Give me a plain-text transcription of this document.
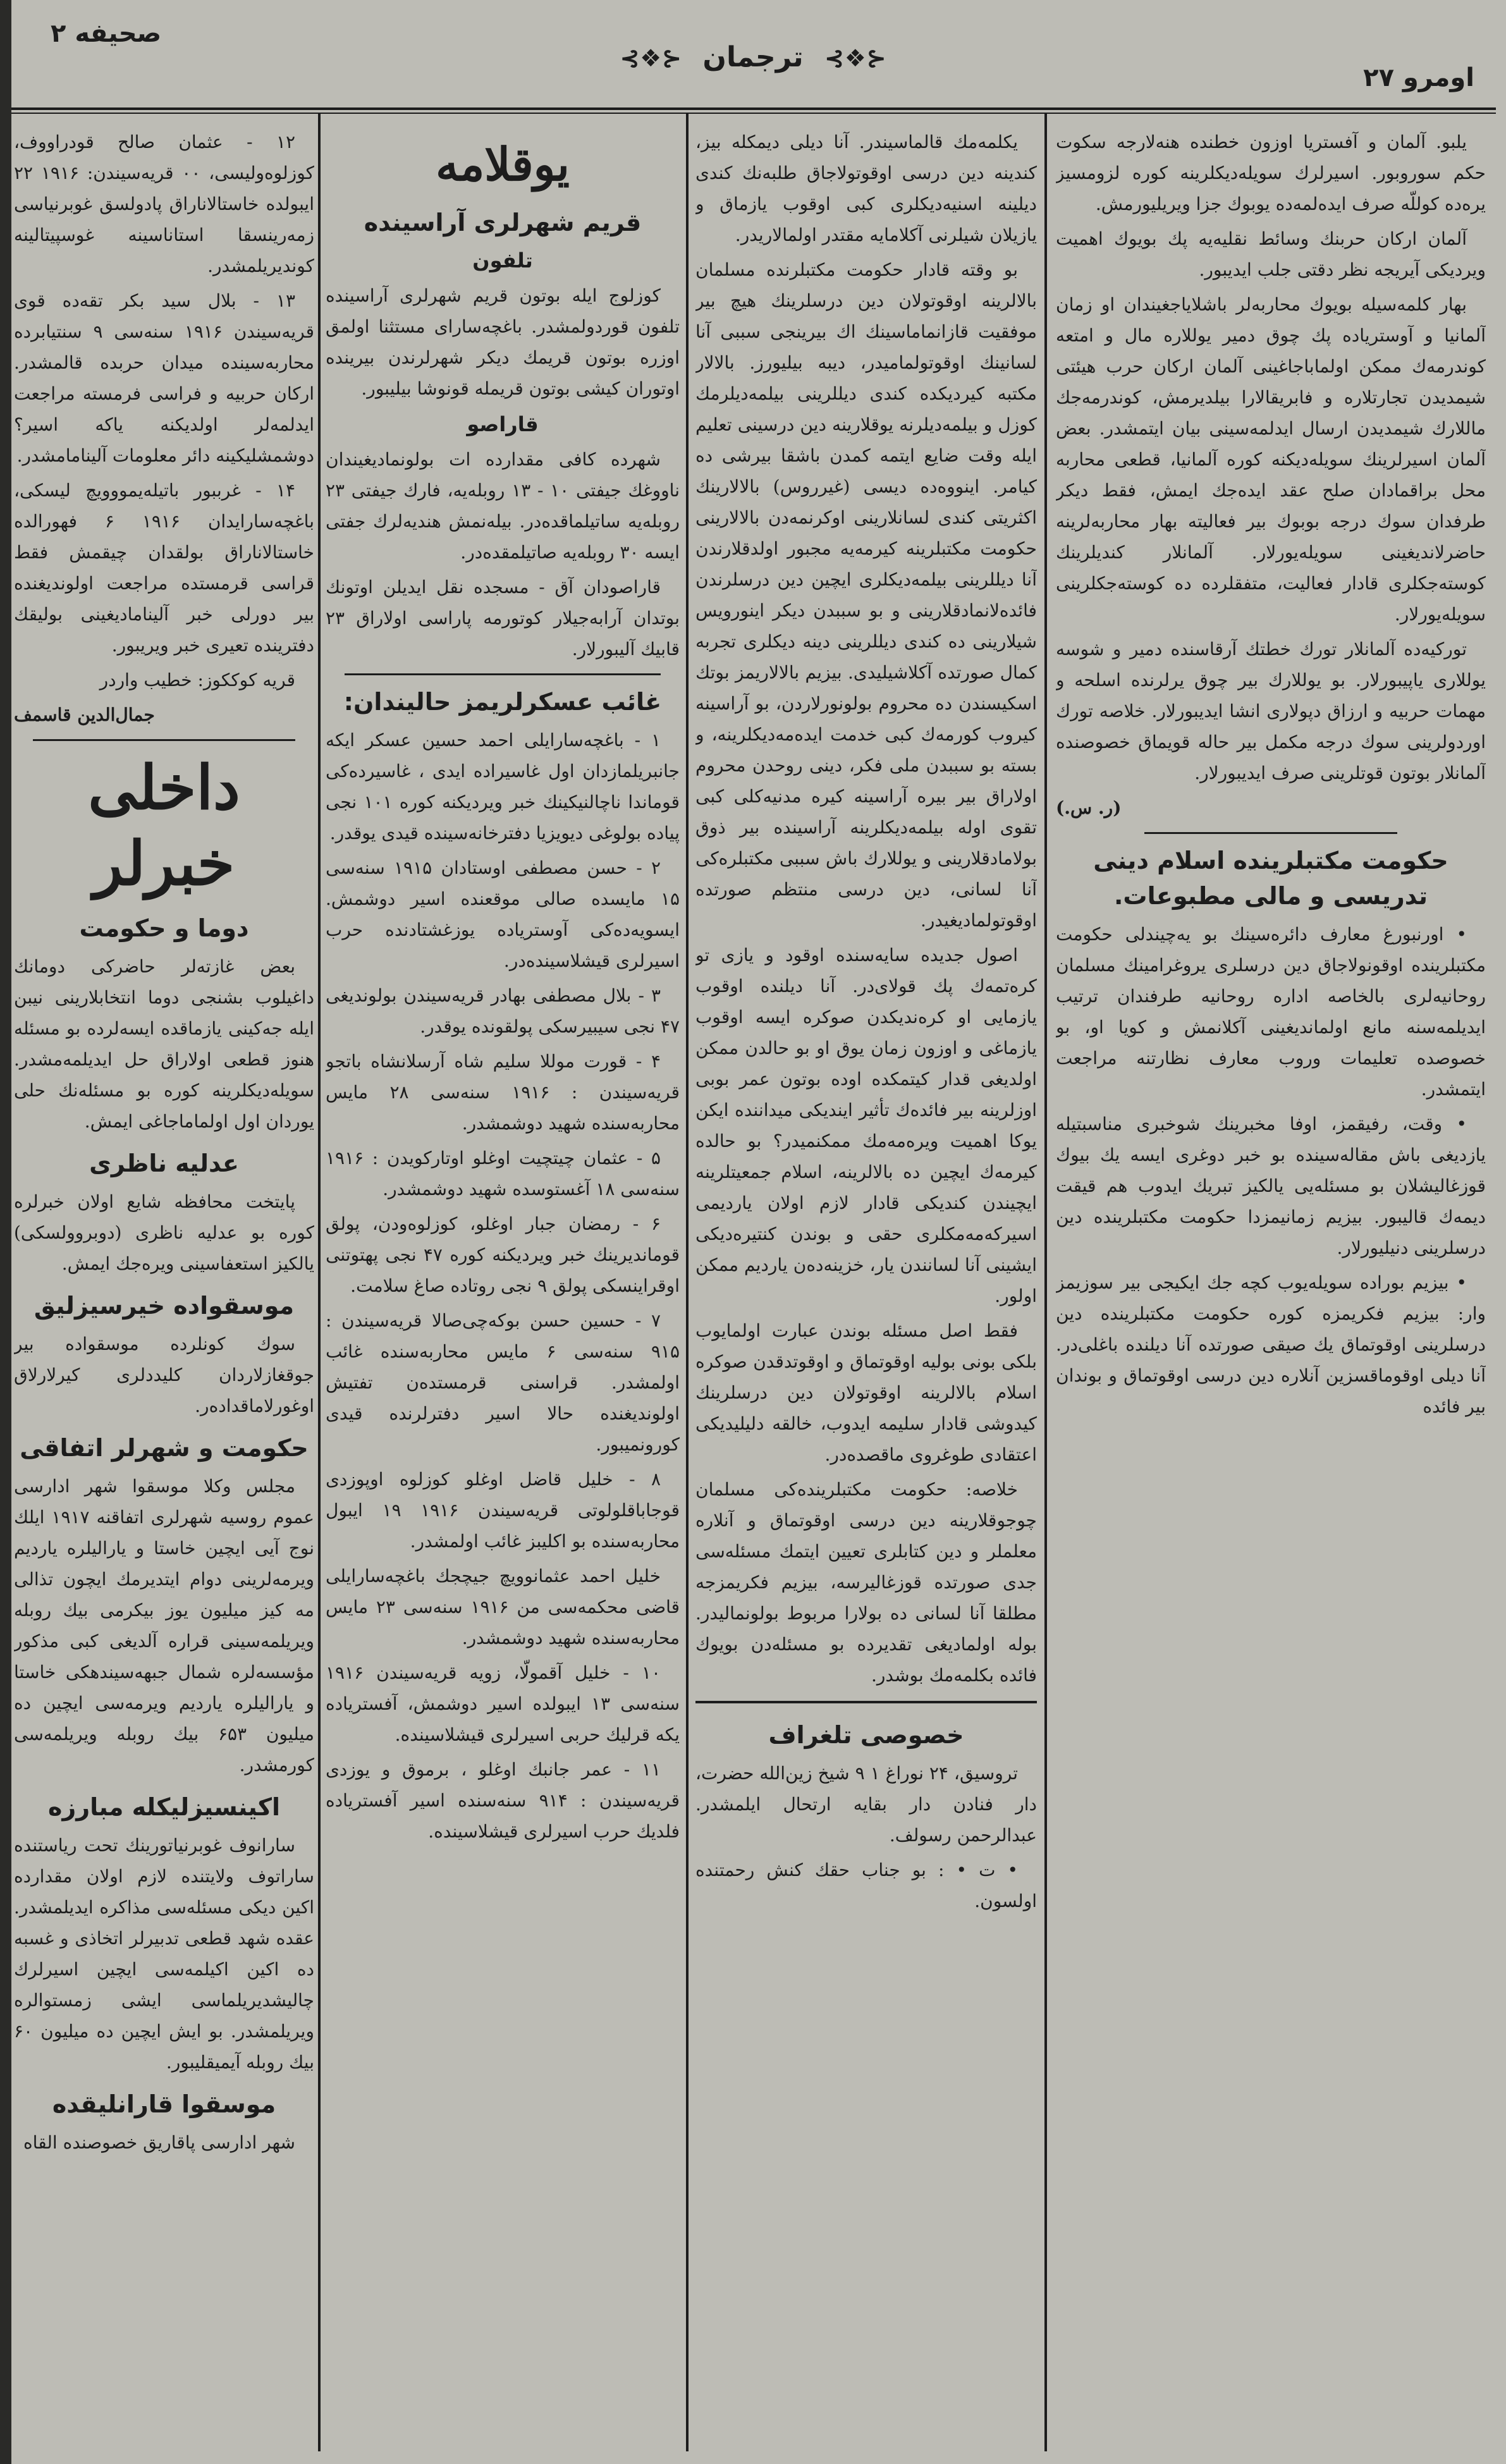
اومرو ۲۷
⊰❖⊱ ترجمان ⊰❖⊱
صحیفه ۲

یلبو. آلمان و آفستریا اوزون خطنده هنه‌لارجه سکوت حکم سوروبور. اسیرلرك سویله‌دیکلرینه کوره لزومسیز یره‌ده کوللّه صرف ایده‌لمه‌ده یوبوك جزا ویریلیورمش.

آلمان ارکان حربنك وسائط نقلیه‌یه پك بویوك اهمیت ویردیکی آیریجه نظر دقتی جلب ایدیبور.

بهار کلمه‌سیله بویوك محاربه‌لر باشلایاجغیندان او زمان آلمانیا و آوستریاده پك چوق دمیر یوللاره مال و امتعه کوندرمه‌ك ممکن اولماباجاغینی آلمان ارکان حرب هیئتی شیمدیدن تجارتلاره و فابریقالارا بیلدیرمش، کوندرمه‌جك ماللارك شیمدیدن ارسال ایدلمه‌سینی بیان ایتمشدر. بعض آلمان اسیرلرینك سویله‌دیکنه کوره آلمانیا، قطعی محاربه محل براقمادان صلح عقد ایده‌جك ایمش، فقط دیکر طرفدان سوك درجه بوبوك بیر فعالیته بهار محاربه‌لرینه حاضرلاندیغینی سویله‌یورلار. آلمانلار کندیلرینك کوسته‌جکلری قادار فعالیت، متفقلرده ده کوسته‌جکلرینی سویله‌یورلار.

تورکیه‌ده آلمانلار تورك خطتك آرقاسنده دمیر و شوسه یوللاری یاپیبورلار. بو یوللارك بیر چوق یرلرنده اسلحه و مهمات حربیه و ارزاق دپولاری انشا ایدیبورلار. خلاصه تورك اوردولرینی سوك درجه مکمل بیر حاله قویماق خصوصنده آلمانلار بوتون قوتلرینی صرف ایدیبورلار.

(ر. س.)
حکومت مکتبلرینده اسلام دینی تدریسی و مالی مطبوعات.

• اورنبورغ معارف دائره‌سینك بو یه‌چیندلی حکومت مکتبلرینده اوقونولاجاق دین درسلری یروغرامینك مسلمان روحانیه‌لری بالخاصه اداره روحانیه طرفندان ترتیب ایدیلمه‌سنه مانع اولماندیغینی آکلانمش و کویا او، بو خصوصده تعلیمات وروب معارف نظارتنه مراجعت ایتمشدر.

• وقت، رفیقمز، اوفا مخبرینك شوخبری مناسبتیله یازدیغی باش مقاله‌سینده بو خبر دوغری ایسه یك بیوك قوزغالیشلان بو مسئله‌یی یالکیز تبریك ایدوب هم قیقت دیمه‌ك قالیبور. بیزیم زمانیمزدا حکومت مکتبلرینده دین درسلرینی دنیلیورلار.

• بیزیم بوراده سویله‌یوب کچه جك ایکیجی بیر سوزیمز وار: بیزیم فکریمزه کوره حکومت مکتبلرینده دین درسلرینی اوقوتماق یك صیقی صورتده آنا دیلنده باغلی‌در. آنا دیلی اوقوماقسزین آنلاره دین درسی اوقوتماق و بوندان بیر فائده

یکلمه‌مك قالماسیندر. آنا دیلی دیمکله بیز، کندینه دین درسی اوقوتولاجاق طلبه‌نك کندی دیلینه اسنیه‌دیکلری کبی اوقوب یازماق و یازیلان شیلرنی آکلامایه مقتدر اولمالاریدر.

بو وقته قادار حکومت مکتبلرنده مسلمان بالالرینه اوقوتولان دین درسلرینك هیچ بیر موفقیت قازانماماسینك اك بیرینجی سببی آنا لسانینك اوقوتولمامیدر، دیبه بیلیورز. بالالار مکتبه کیردیکده کندی دیللرینی بیلمه‌دیلرمك کوزل و بیلمه‌دیلرنه یوقلارینه دین درسینی تعلیم ایله وقت ضایع ایتمه کمدن باشقا بیرشی ده کیامر. اینووه‌ده دیسی (غیرروس) بالالارینك اکثریتی کندی لسانلارینی اوکرنمه‌دن بالالارینی حکومت مکتبلرینه کیرمه‌یه مجبور اولدقلارندن آنا دیللرینی بیلمه‌دیکلری ایچین دین درسلرندن فائده‌لانمادقلارینی و بو سببدن دیکر اینورویس شیلارینی ده کندی دیللرینی دینه دیکلری تجربه کمال صورتده آکلاشیلیدی. بیزیم بالالاریمز بوتك اسکیسندن ده محروم بولونورلاردن، بو آراسینه کیروب کورمه‌ك کبی خدمت ایده‌مه‌دیکلرینه، و بسته بو سببدن ملی فکر، دینی روحدن محروم اولاراق بیر بیره آراسینه کیره مدنیه‌کلی کبی تقوی اوله بیلمه‌دیکلرینه آراسینده بیر ذوق بولامادقلارینی و یوللارك باش سببی مکتبلره‌کی آنا لسانی، دین درسی منتظم صورتده اوقوتولمادیغیدر.

اصول جدیده سایه‌سنده اوقود و یازی تو کره‌تمه‌ك پك قولای‌در. آنا دیلنده اوقوب یازمایی او کره‌ندیکدن صوکره ایسه اوقوب یازماغی و اوزون زمان یوق او بو حالدن ممکن اولدیغی قدار کیتمکده اوده بوتون عمر بوبی اوزلرینه بیر فائده‌ك تأثیر ایندیکی میداننده ایکن یوکا اهمیت ویره‌مه‌مك ممکنمیدر؟ بو حالده کیرمه‌ك ایچین ده بالالرینه، اسلام جمعیتلرینه ایچیندن کندیکی قادار لازم اولان یاردیمی اسیرکه‌مه‌مکلری حقی و بوندن کنتیره‌دیکی ایشینی آنا لسانندن یار، خزینه‌ده‌ن یاردیم ممکن اولور.

فقط اصل مسئله بوندن عبارت اولمایوب بلکی بونی بولیه اوقوتماق و اوقوتدقدن صوکره اسلام بالالرینه اوقوتولان دین درسلرینك کیدوشی قادار سلیمه ایدوب، خالقه دلیلیدیکی اعتقادی طوغروی ماقصده‌در.

خلاصه: حکومت مکتبلرینده‌کی مسلمان چوجوقلارینه دین درسی اوقوتماق و آنلاره معلملر و دین کتابلری تعیین ایتمك مسئله‌سی جدی صورتده قوزغالیرسه، بیزیم فکریمزجه مطلقا آنا لسانی ده بولارا مربوط بولونمالیدر. بوله اولمادیغی تقدیرده بو مسئله‌دن بویوك فائده بکلمه‌مك بوشدر.

خصوصی تلغراف

تروسیق، ۲۴ نوراغ ۱ ۹ شیخ زین‌الله حضرت، دار فنادن دار بقایه ارتحال ایلمشدر. عبدالرحمن رسولف.

• ت • : بو جناب حقك کنش رحمتنده اولسون.

یوقلامه
قریم شهرلری آراسینده
تلفون

کوزلوج ایله بوتون قریم شهرلری آراسینده تلفون قوردولمشدر. باغچه‌سارای مستثنا اولمق اوزره بوتون قریمك دیکر شهرلرندن بیرینده اوتوران کیشی بوتون قریمله قونوشا بیلیبور.

قاراصو

شهرده کافی مقدارده ات بولونمادیغیندان ناووغك جیفتی ۱۰ - ۱۳ روبله‌یه، فارك جیفتی ۲۳ روبله‌یه ساتیلماقده‌در. بیله‌نمش هندیه‌لرك جفتی ایسه ۳۰ روبله‌یه صاتیلمقده‌در.

قاراصودان آق - مسجده نقل ایدیلن اوتونك بوتدان آرابه‌جیلار کوتورمه پاراسی اولاراق ۲۳ قابیك آلیبورلار.

غائب عسکرلریمز حالیندان:
۱ - باغچه‌سارایلی احمد حسین عسکر ایکه جانبریلمازدان اول غاسیراده ایدی ، غاسیرده‌کی قوماندا ناچالنیکینك خبر ویردیکنه کوره ۱۰۱ نجی پیاده بولوغی دیویزیا دفترخانه‌سینده قیدی یوقدر.
۲ - حسن مصطفی اوستادان ۱۹۱۵ سنه‌سی ۱۵ مایسده صالی موقعنده اسیر دوشمش. ایسویه‌ده‌کی آوستریاده یوزغشتادنده حرب اسیرلری قیشلاسینده‌در.
۳ - بلال مصطفی بهادر قریه‌سیندن بولوندیغی ۴۷ نجی سیبیرسکی پولقونده یوقدر.
۴ - قورت موللا سلیم شاه آرسلانشاه باتجو قریه‌سیندن : ۱۹۱۶ سنه‌سی ۲۸ مایس محاربه‌سنده شهید دوشمشدر.
۵ - عثمان چیتچیت اوغلو اوتارکویدن : ۱۹۱۶ سنه‌سی ۱۸ آغستوسده شهید دوشمشدر.
۶ - رمضان جبار اوغلو، کوزلوه‌ودن، پولق قوماندیرینك خبر ویردیکنه کوره ۴۷ نجی پهتوتنی اوقراینسکی پولق ۹ نجی روتاده صاغ سلامت.
۷ - حسین حسن بوکه‌چی‌صالا قریه‌سیندن : ۹۱۵ سنه‌سی ۶ مایس محاربه‌سنده غائب اولمشدر. قراسنی قرمستده‌ن تفتیش اولوندیغنده حالا اسیر دفترلرنده قیدی کورونمیبور.
۸ - خلیل قاضل اوغلو کوزلوه اوپوزدی قوجاباقلولوتی قریه‌سیندن ۱۹۱۶ ۱۹ ایبول محاربه‌سنده بو اکلیبز غائب اولمشدر.
خلیل احمد عثمانوویچ جیچجك باغچه‌سارایلی قاضی محکمه‌سی من ۱۹۱۶ سنه‌سی ۲۳ مایس محاربه‌سنده شهید دوشمشدر.
۱۰ - خلیل آقمولّا، زویه قریه‌سیندن ۱۹۱۶ سنه‌سی ۱۳ ایبولده اسیر دوشمش، آفستریاده یکه قرلیك حربی اسیرلری قیشلاسینده.
۱۱ - عمر جانبك اوغلو ، برموق و یوزدی قریه‌سیندن : ۹۱۴ سنه‌سنده اسیر آفستریاده فلدیك حرب اسیرلری قیشلاسینده.
۱۲ - عثمان صالح قودراووف، کوزلوه‌ولیسی، ۰۰ قریه‌سیندن: ۱۹۱۶ ۲۲ ایبولده خاستالاناراق پادولسق غوبرنیاسی زمه‌رینسقا استاناسینه غوسپیتالینه کوندیریلمشدر.
۱۳ - بلال سید بکر تقه‌ده قوی قریه‌سیندن ۱۹۱۶ سنه‌سی ۹ سنتیابرده محاربه‌سینده میدان حربده قالمشدر. ارکان حربیه و فراسی فرمسته مراجعت ایدلمه‌لر اولدیکنه یاکه اسیر؟ دوشمشلیکینه دائر معلومات آلینامامشدر.
۱۴ - غرببور باتیله‌یمووویچ لیسکی، باغچه‌سارایدان ۱۹۱۶ ۶ فهورالده خاستالاناراق بولقدان چیقمش فقط قراسی قرمستده مراجعت اولوندیغنده بیر دورلی خبر آلینامادیغینی بولیقك دفترینده تعیری خبر ویریبور.

قریه کوککوز: خطیب واردر

جمال‌الدین قاسمف
داخلی خبرلر
دوما و حکومت

بعض غازته‌لر حاضرکی دومانك داغیلوب بشنجی دوما انتخابلارینی نیبن ایله جه‌کینی یازماقده ایسه‌لرده بو مسئله هنوز قطعی اولاراق حل ایدیلمه‌مشدر. سویله‌دیکلرینه کوره بو مسئله‌نك حلی یوردان اول اولماماجاغی ایمش.

عدلیه ناظری

پایتخت محافظه شایع اولان خبرلره کوره بو عدلیه ناظری (دوبروولسکی) یالکیز استعفاسینی ویره‌جك ایمش.

موسقواده خیرسیزلیق

سوك کونلرده موسقواده بیر جوقغازلاردان کلیددلری کیرلارلاق اوغورلاماقداده‌ر.

حکومت و شهرلر اتفاقی

مجلس وکلا موسقوا شهر ادارسی عموم روسیه شهرلری اتفاقنه ۱۹۱۷ ایلك نوج آیی ایچین خاستا و یارالیلره یاردیم ویرمه‌لرینی دوام ایتدیرمك ایچون تذالی مه کیز میلیون یوز بیکرمی بیك روبله ویریلمه‌سینی قراره آلدیغی کبی مذکور مؤسسه‌لره شمال جبهه‌سیندهکی خاستا و یارالیلره یاردیم ویرمه‌سی ایچین ده میلیون ۶۵۳ بیك روبله ویریلمه‌سی کورمشدر.

اکینسیزلیکله مبارزه

سارانوف غوبرنیاتورینك تحت ریاستنده ساراتوف ولایتنده لازم اولان مقدارده اکین دیکی مسئله‌سی مذاکره ایدیلمشدر. عقده شهد قطعی تدبیرلر اتخاذی و غسبه ده اکین اکیلمه‌سی ایچین اسیرلرك چالیشدیریلماسی ایشی زمستوالره ویریلمشدر. بو ایش ایچین ده میلیون ۶۰ بیك روبله آیمیقلیبور.

موسقوا قارانلیقده

شهر ادارسی پاقاریق خصوصنده القاه
